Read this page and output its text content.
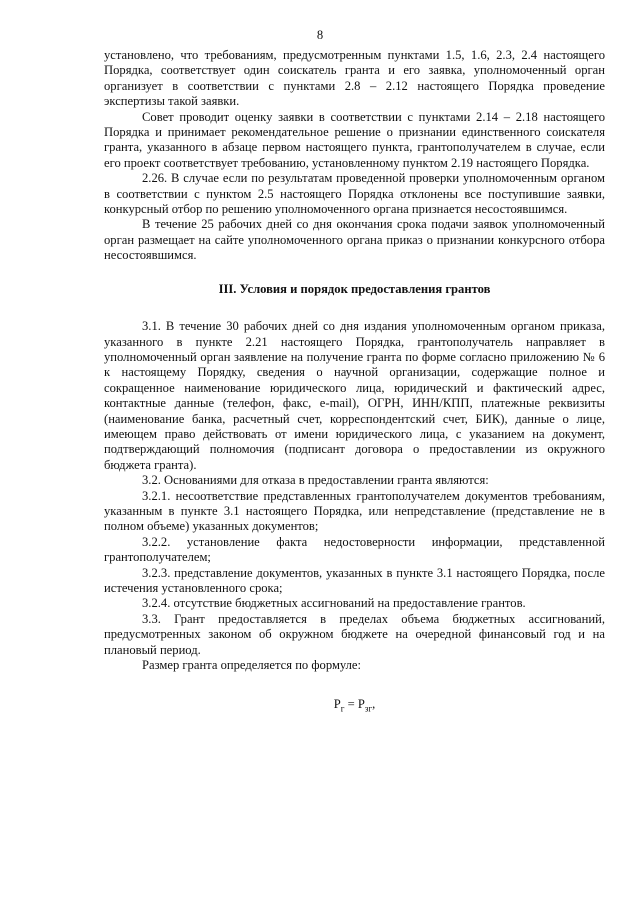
8

установлено, что требованиям, предусмотренным пунктами 1.5, 1.6, 2.3, 2.4 настоящего Порядка, соответствует один соискатель гранта и его заявка, уполномоченный орган организует в соответствии с пунктами 2.8 – 2.12 настоящего Порядка проведение экспертизы такой заявки.

Совет проводит оценку заявки в соответствии с пунктами 2.14 – 2.18 настоящего Порядка и принимает рекомендательное решение о признании единственного соискателя гранта, указанного в абзаце первом настоящего пункта, грантополучателем в случае, если его проект соответствует требованию, установленному пунктом 2.19 настоящего Порядка.

2.26. В случае если по результатам проведенной проверки уполномоченным органом в соответствии с пунктом 2.5 настоящего Порядка отклонены все поступившие заявки, конкурсный отбор по решению уполномоченного органа признается несостоявшимся.

В течение 25 рабочих дней со дня окончания срока подачи заявок уполномоченный орган размещает на сайте уполномоченного органа приказ о признании конкурсного отбора несостоявшимся.

III. Условия и порядок предоставления грантов

3.1. В течение 30 рабочих дней со дня издания уполномоченным органом приказа, указанного в пункте 2.21 настоящего Порядка, грантополучатель направляет в уполномоченный орган заявление на получение гранта по форме согласно приложению № 6 к настоящему Порядку, сведения о научной организации, содержащие полное и сокращенное наименование юридического лица, юридический и фактический адрес, контактные данные (телефон, факс, e-mail), ОГРН, ИНН/КПП, платежные реквизиты (наименование банка, расчетный счет, корреспондентский счет, БИК), данные о лице, имеющем право действовать от имени юридического лица, с указанием на документ, подтверждающий полномочия (подписант договора о предоставлении из окружного бюджета гранта).

3.2. Основаниями для отказа в предоставлении гранта являются:

3.2.1. несоответствие представленных грантополучателем документов требованиям, указанным в пункте 3.1 настоящего Порядка, или непредставление (представление не в полном объеме) указанных документов;

3.2.2. установление факта недостоверности информации, представленной грантополучателем;

3.2.3. представление документов, указанных в пункте 3.1 настоящего Порядка, после истечения установленного срока;

3.2.4. отсутствие бюджетных ассигнований на предоставление грантов.

3.3. Грант предоставляется в пределах объема бюджетных ассигнований, предусмотренных законом об окружном бюджете на очередной финансовый год и на плановый период.

Размер гранта определяется по формуле:

$P_г = P_{зг}$,
